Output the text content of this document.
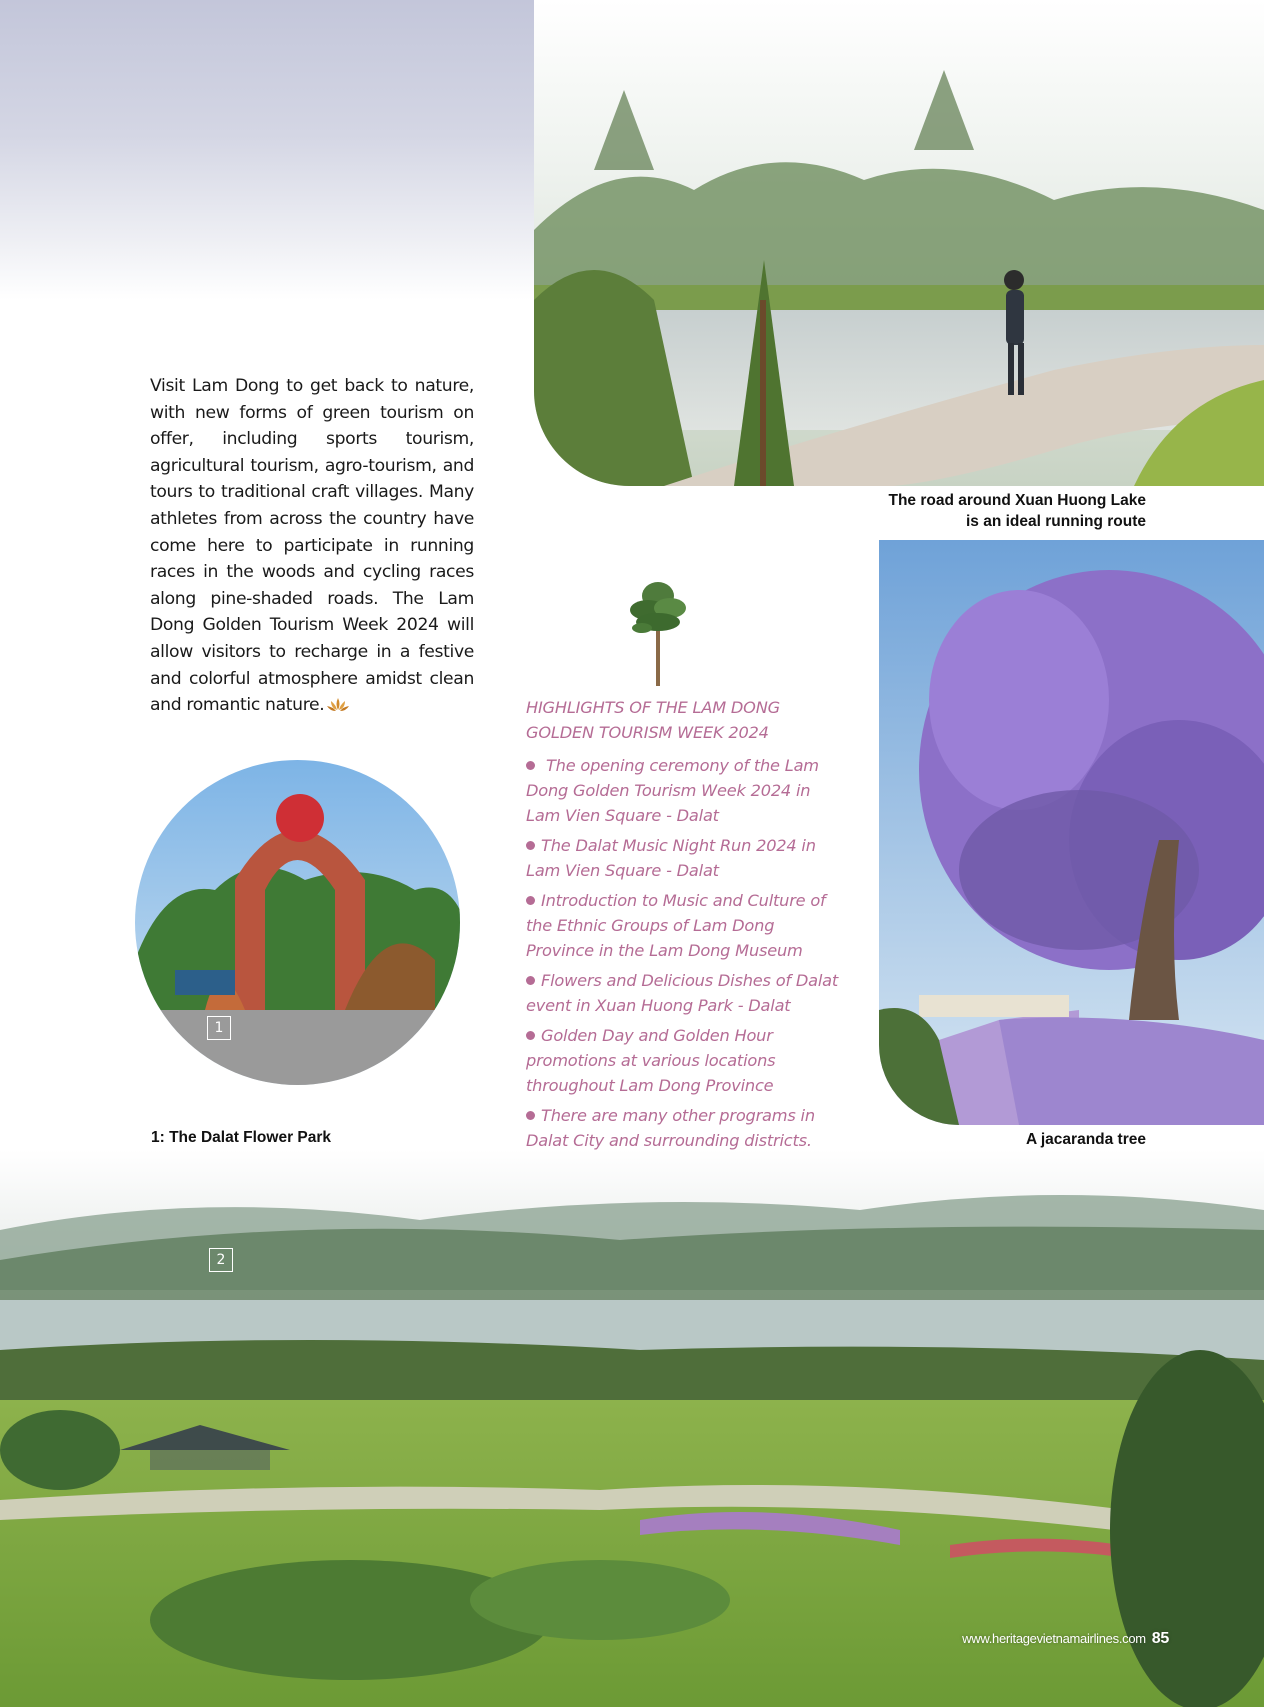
The road around Xuan Huong Lake
is an ideal running route
Visit Lam Dong to get back to nature, with new forms of green tourism on offer, including sports tourism, agricultural tourism, agro-tourism, and tours to traditional craft villages. Many athletes from across the country have come here to participate in running races in the woods and cycling races along pine-shaded roads. The Lam Dong Golden Tourism Week 2024 will allow visitors to recharge in a festive and colorful atmosphere amidst clean and romantic nature.	HIGHLIGHTS OF THE LAM DONG GOLDEN TOURISM WEEK 2024

The opening ceremony of the Lam Dong Golden Tourism Week 2024 in Lam Vien Square - Dalat

The Dalat Music Night Run 2024 in Lam Vien Square - Dalat

Introduction to Music and Culture of the Ethnic Groups of Lam Dong Province in the Lam Dong Museum

Flowers and Delicious Dishes of Dalat event in Xuan Huong Park - Dalat

Golden Day and Golden Hour promotions at various locations throughout Lam Dong Province

There are many other programs in Dalat City and surrounding districts.	A jacaranda tree
1
1: The Dalat Flower Park
2
www.heritagevietnamairlines.com 85
